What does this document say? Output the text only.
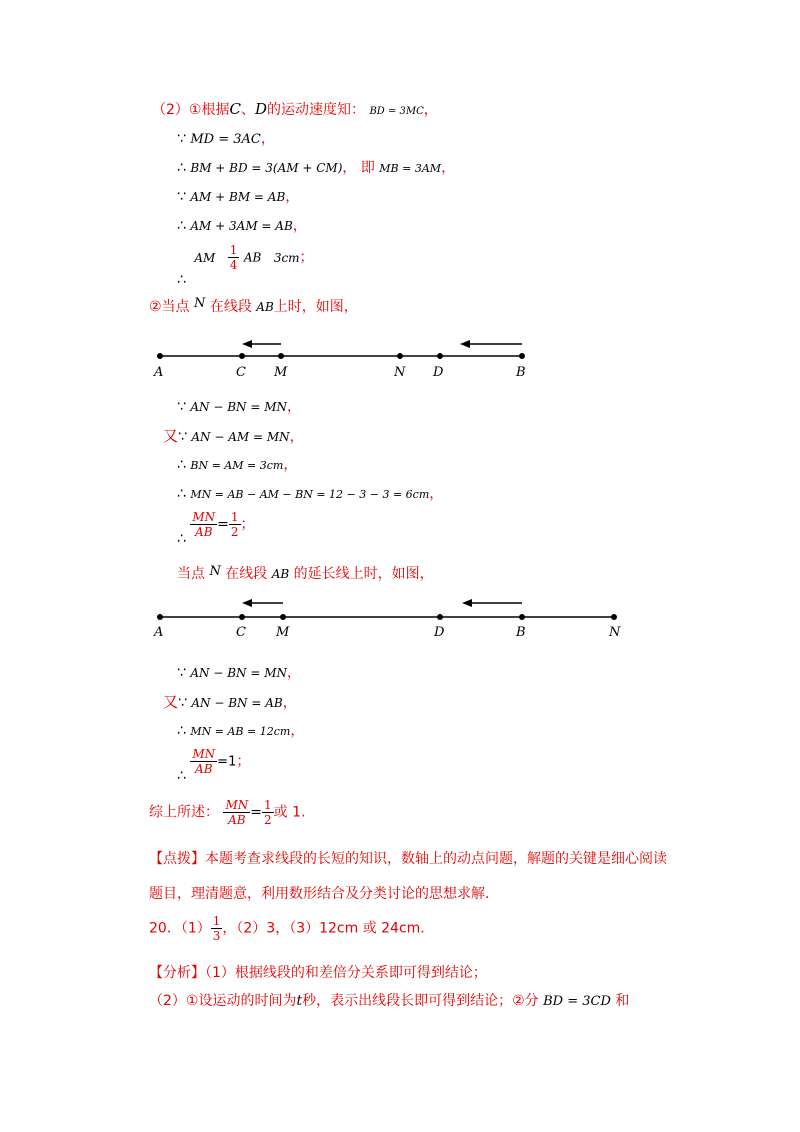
（2）①根据C、D的运动速度知： BD = 3MC，
∵ MD = 3AC，
∴ BM + BD = 3(AM + CM)， 即 MB = 3AM，
∵ AM + BM = AB，
∴ AM + 3AM = AB，
∴ AM $\frac{1}{4}$ AB 3cm；
②当点 N 在线段 AB上时，如图，
A	C M	N D	B
∵ AN − BN = MN，
又∵ AN − AM = MN，
∴ BN = AM = 3cm，
∴ MN = AB − AM − BN = 12 − 3 − 3 = 6cm，
∴ $\frac{MN}{AB} = \frac{1}{2}$ ；
当点 N 在线段 AB 的延长线上时，如图，
A	C M	D	B	N
∵ AN − BN = MN，
又∵ AN − BN = AB，
∴ MN = AB = 12cm，
∴ $\frac{MN}{AB} =1$；
综上所述： $\frac{MN}{AB} = \frac{1}{2}$ 或 1.
【点拨】本题考查求线段的长短的知识，数轴上的动点问题，解题的关键是细心阅读
题目，理清题意，利用数形结合及分类讨论的思想求解.
20．$(1) \frac{1}{3}$ ，（2）3，（3）12cm 或 24cm.
【分析】（1）根据线段的和差倍分关系即可得到结论；
（2）①设运动的时间为t秒，表示出线段长即可得到结论；②分 BD = 3CD 和
